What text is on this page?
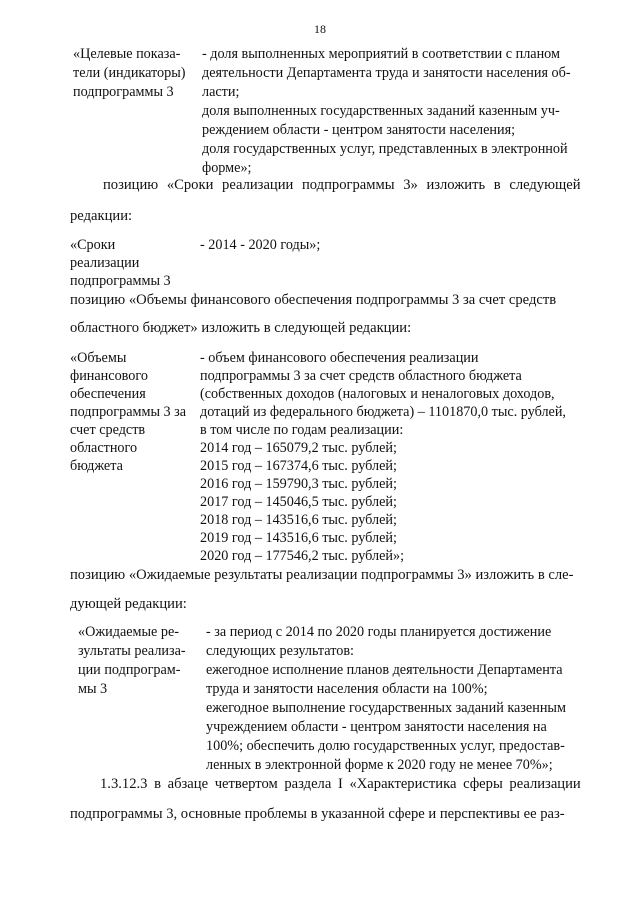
18
«Целевые показа-
тели (индикаторы)
подпрограммы 3
- доля выполненных мероприятий в соответствии с планом
деятельности Департамента труда и занятости населения об-
ласти;
доля выполненных государственных заданий казенным уч-
реждением области - центром занятости населения;
доля государственных услуг, представленных в электронной
форме»;
позицию «Сроки реализации подпрограммы 3» изложить в следующей
редакции:
«Сроки
реализации
подпрограммы 3
- 2014 - 2020 годы»;
позицию «Объемы финансового обеспечения подпрограммы 3 за счет средств
областного бюджет» изложить в следующей редакции:
«Объемы
финансового
обеспечения
подпрограммы 3 за
счет средств
областного
бюджета
- объем финансового обеспечения реализации
подпрограммы 3 за счет средств областного бюджета
(собственных доходов (налоговых и неналоговых доходов,
дотаций из федерального бюджета) – 1101870,0 тыс. рублей,
в том числе по годам реализации:
2014 год – 165079,2 тыс. рублей;
2015 год – 167374,6 тыс. рублей;
2016 год – 159790,3 тыс. рублей;
2017 год – 145046,5 тыс. рублей;
2018 год – 143516,6 тыс. рублей;
2019 год – 143516,6 тыс. рублей;
2020 год – 177546,2 тыс. рублей»;
позицию «Ожидаемые результаты реализации подпрограммы 3» изложить в сле-
дующей редакции:
«Ожидаемые ре-
зультаты реализа-
ции подпрограм-
мы 3
- за период с 2014 по 2020 годы планируется достижение
следующих результатов:
ежегодное исполнение планов деятельности Департамента
труда и занятости населения области на 100%;
ежегодное выполнение государственных заданий казенным
учреждением области - центром занятости населения на
100%; обеспечить долю государственных услуг, предостав-
ленных в электронной форме к 2020 году не менее 70%»;
1.3.12.3 в абзаце четвертом раздела I «Характеристика сферы реализации
подпрограммы 3, основные проблемы в указанной сфере и перспективы ее раз-
